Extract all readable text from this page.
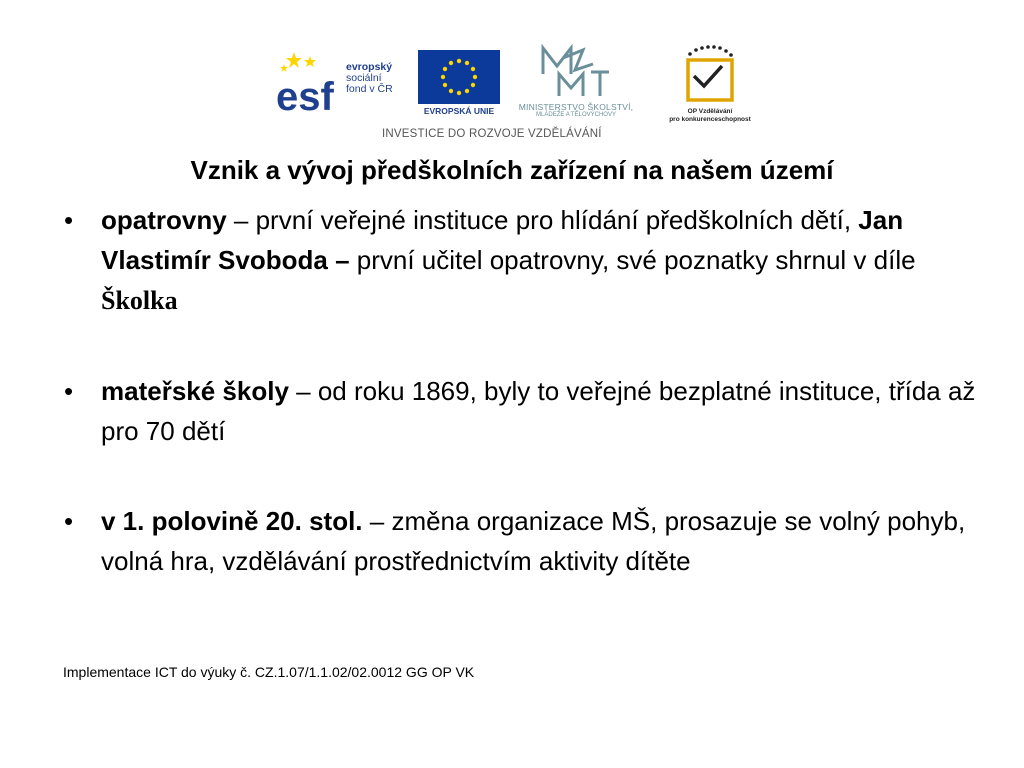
esf
evropský
sociální
fond v ČR
EVROPSKÁ UNIE	MINISTERSTVO ŠKOLSTVÍ,
MLÁDEŽE A TĚLOVÝCHOVY	OP Vzdělávání
pro konkurenceschopnost
INVESTICE DO ROZVOJE VZDĚLÁVÁNÍ
Vznik a vývoj předškolních zařízení na našem území
• opatrovny – první veřejné instituce pro hlídání předškolních dětí, Jan Vlastimír Svoboda – první učitel opatrovny, své poznatky shrnul v díle Školka
• mateřské školy – od roku 1869, byly to veřejné bezplatné instituce, třída až pro 70 dětí
• v 1. polovině 20. stol. – změna organizace MŠ, prosazuje se volný pohyb, volná hra, vzdělávání prostřednictvím aktivity dítěte
Implementace ICT do výuky č. CZ.1.07/1.1.02/02.0012 GG OP VK
